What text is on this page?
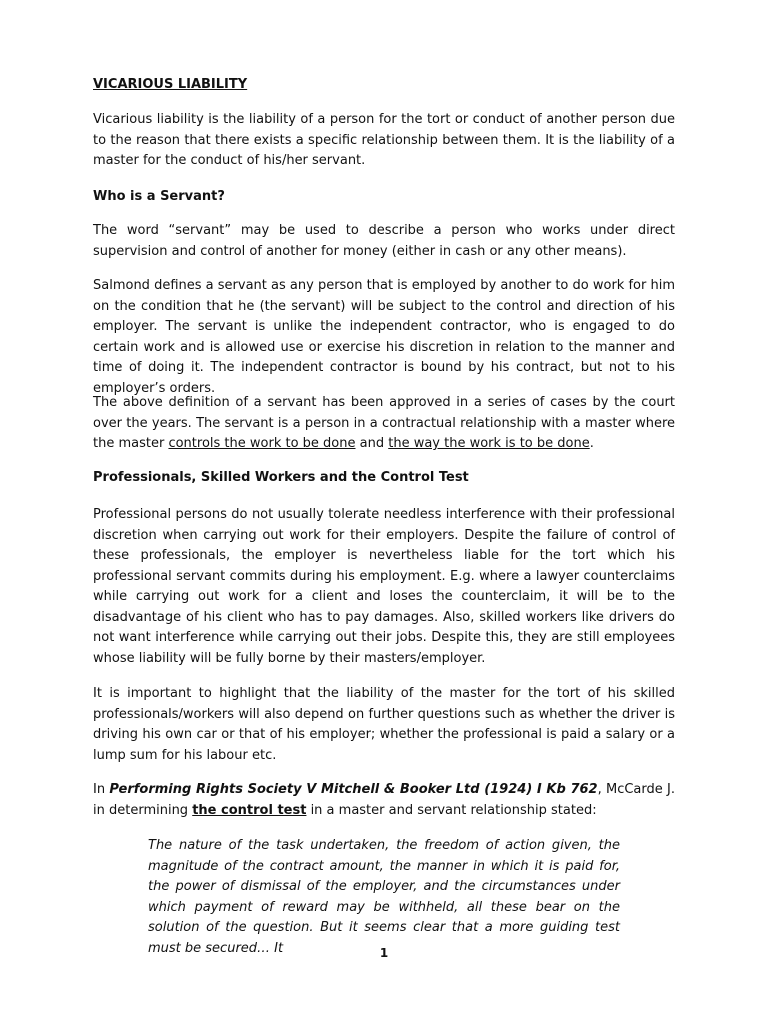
VICARIOUS LIABILITY

Vicarious liability is the liability of a person for the tort or conduct of another person due to the reason that there exists a specific relationship between them. It is the liability of a master for the conduct of his/her servant.

Who is a Servant?

The word “servant” may be used to describe a person who works under direct supervision and control of another for money (either in cash or any other means).

Salmond defines a servant as any person that is employed by another to do work for him on the condition that he (the servant) will be subject to the control and direction of his employer. The servant is unlike the independent contractor, who is engaged to do certain work and is allowed use or exercise his discretion in relation to the manner and time of doing it. The independent contractor is bound by his contract, but not to his employer’s orders.

The above definition of a servant has been approved in a series of cases by the court over the years. The servant is a person in a contractual relationship with a master where the master controls the work to be done and the way the work is to be done.

Professionals, Skilled Workers and the Control Test

Professional persons do not usually tolerate needless interference with their professional discretion when carrying out work for their employers. Despite the failure of control of these professionals, the employer is nevertheless liable for the tort which his professional servant commits during his employment. E.g. where a lawyer counterclaims while carrying out work for a client and loses the counterclaim, it will be to the disadvantage of his client who has to pay damages. Also, skilled workers like drivers do not want interference while carrying out their jobs. Despite this, they are still employees whose liability will be fully borne by their masters/employer.

It is important to highlight that the liability of the master for the tort of his skilled professionals/workers will also depend on further questions such as whether the driver is driving his own car or that of his employer; whether the professional is paid a salary or a lump sum for his labour etc.

In Performing Rights Society V Mitchell & Booker Ltd (1924) I Kb 762, McCarde J. in determining the control test in a master and servant relationship stated:

The nature of the task undertaken, the freedom of action given, the magnitude of the contract amount, the manner in which it is paid for, the power of dismissal of the employer, and the circumstances under which payment of reward may be withheld, all these bear on the solution of the question. But it seems clear that a more guiding test must be secured… It	1
